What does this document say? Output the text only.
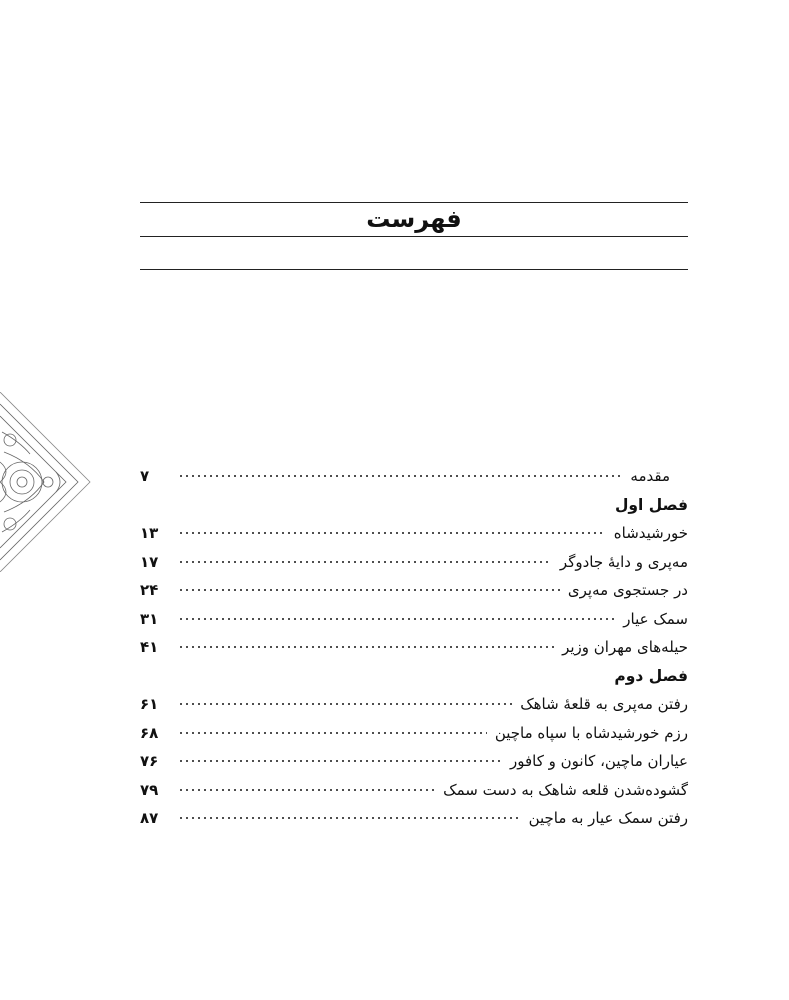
فهرست
مقدمه
۷
فصل اول
خورشیدشاه
۱۳
مه‌پری و دایهٔ جادوگر
۱۷
در جستجوی مه‌پری
۲۴
سمک عیار
۳۱
حیله‌های مهران وزیر
۴۱
فصل دوم
رفتن مه‌پری به قلعهٔ شاهک
۶۱
رزم خورشیدشاه با سپاه ماچین
۶۸
عیاران ماچین، کانون و کافور
۷۶
گشوده‌شدن قلعه شاهک به دست سمک
۷۹
رفتن سمک عیار به ماچین
۸۷
